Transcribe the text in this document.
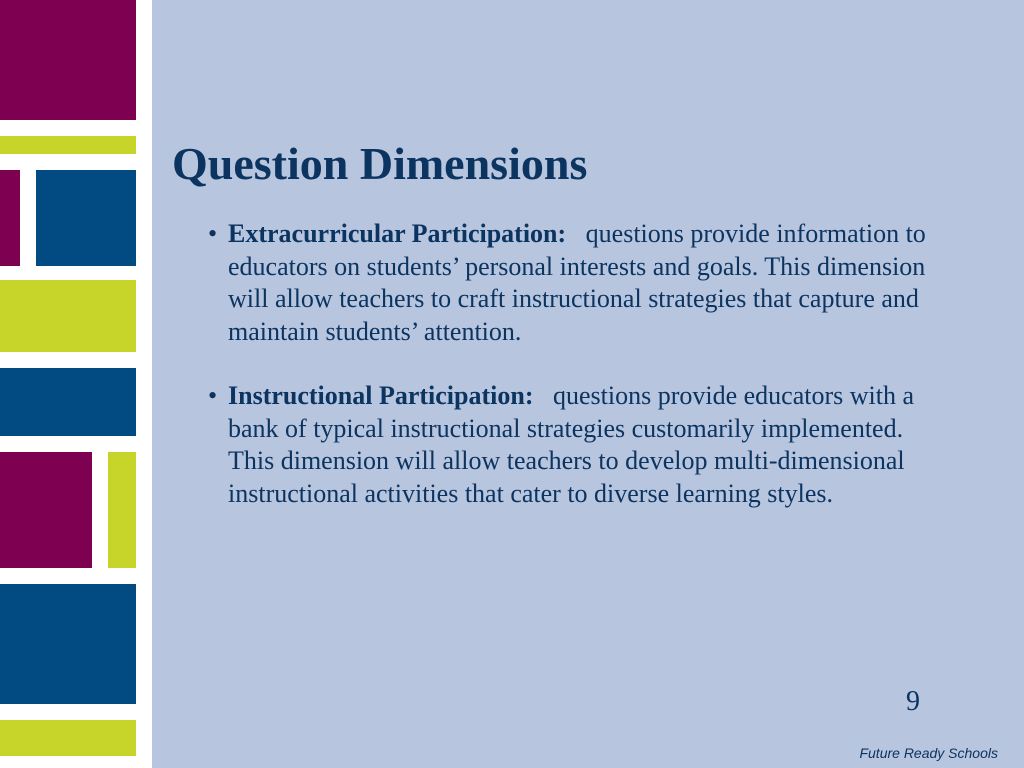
Question Dimensions
• Extracurricular Participation: questions provide information to educators on students’ personal interests and goals. This dimension will allow teachers to craft instructional strategies that capture and maintain students’ attention.
• Instructional Participation: questions provide educators with a bank of typical instructional strategies customarily implemented. This dimension will allow teachers to develop multi-dimensional instructional activities that cater to diverse learning styles.
9
Future Ready Schools
